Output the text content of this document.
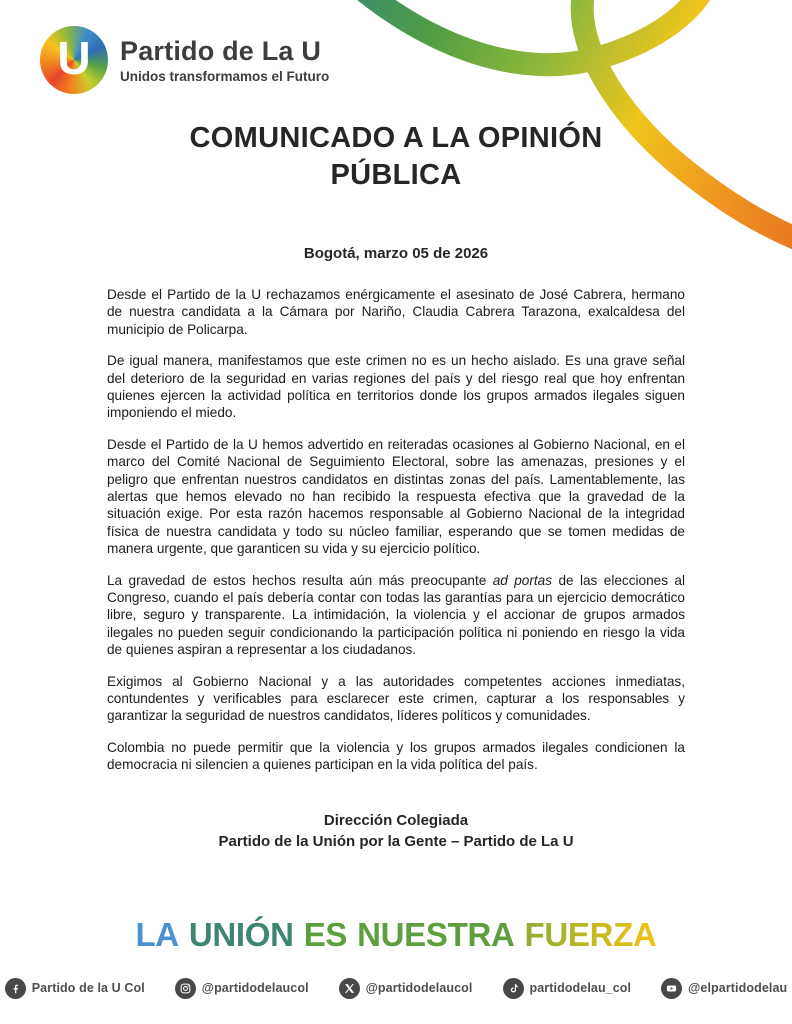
U Partido de La U
Unidos transformamos el Futuro
COMUNICADO A LA OPINIÓN
PÚBLICA
Bogotá, marzo 05 de 2026

Desde el Partido de la U rechazamos enérgicamente el asesinato de José Cabrera, hermano de nuestra candidata a la Cámara por Nariño, Claudia Cabrera Tarazona, exalcaldesa del municipio de Policarpa.

De igual manera, manifestamos que este crimen no es un hecho aislado. Es una grave señal del deterioro de la seguridad en varias regiones del país y del riesgo real que hoy enfrentan quienes ejercen la actividad política en territorios donde los grupos armados ilegales siguen imponiendo el miedo.

Desde el Partido de la U hemos advertido en reiteradas ocasiones al Gobierno Nacional, en el marco del Comité Nacional de Seguimiento Electoral, sobre las amenazas, presiones y el peligro que enfrentan nuestros candidatos en distintas zonas del país. Lamentablemente, las alertas que hemos elevado no han recibido la respuesta efectiva que la gravedad de la situación exige. Por esta razón hacemos responsable al Gobierno Nacional de la integridad física de nuestra candidata y todo su núcleo familiar, esperando que se tomen medidas de manera urgente, que garanticen su vida y su ejercicio político.

La gravedad de estos hechos resulta aún más preocupante ad portas de las elecciones al Congreso, cuando el país debería contar con todas las garantías para un ejercicio democrático libre, seguro y transparente. La intimidación, la violencia y el accionar de grupos armados ilegales no pueden seguir condicionando la participación política ni poniendo en riesgo la vida de quienes aspiran a representar a los ciudadanos.

Exigimos al Gobierno Nacional y a las autoridades competentes acciones inmediatas, contundentes y verificables para esclarecer este crimen, capturar a los responsables y garantizar la seguridad de nuestros candidatos, líderes políticos y comunidades.

Colombia no puede permitir que la violencia y los grupos armados ilegales condicionen la democracia ni silencien a quienes participan en la vida política del país.

Dirección Colegiada
Partido de la Unión por la Gente – Partido de La U
LA UNIÓN ES NUESTRA FUERZA
Partido de la U Col	@partidodelaucol	@partidodelaucol	partidodelau_col	@elpartidodelau
